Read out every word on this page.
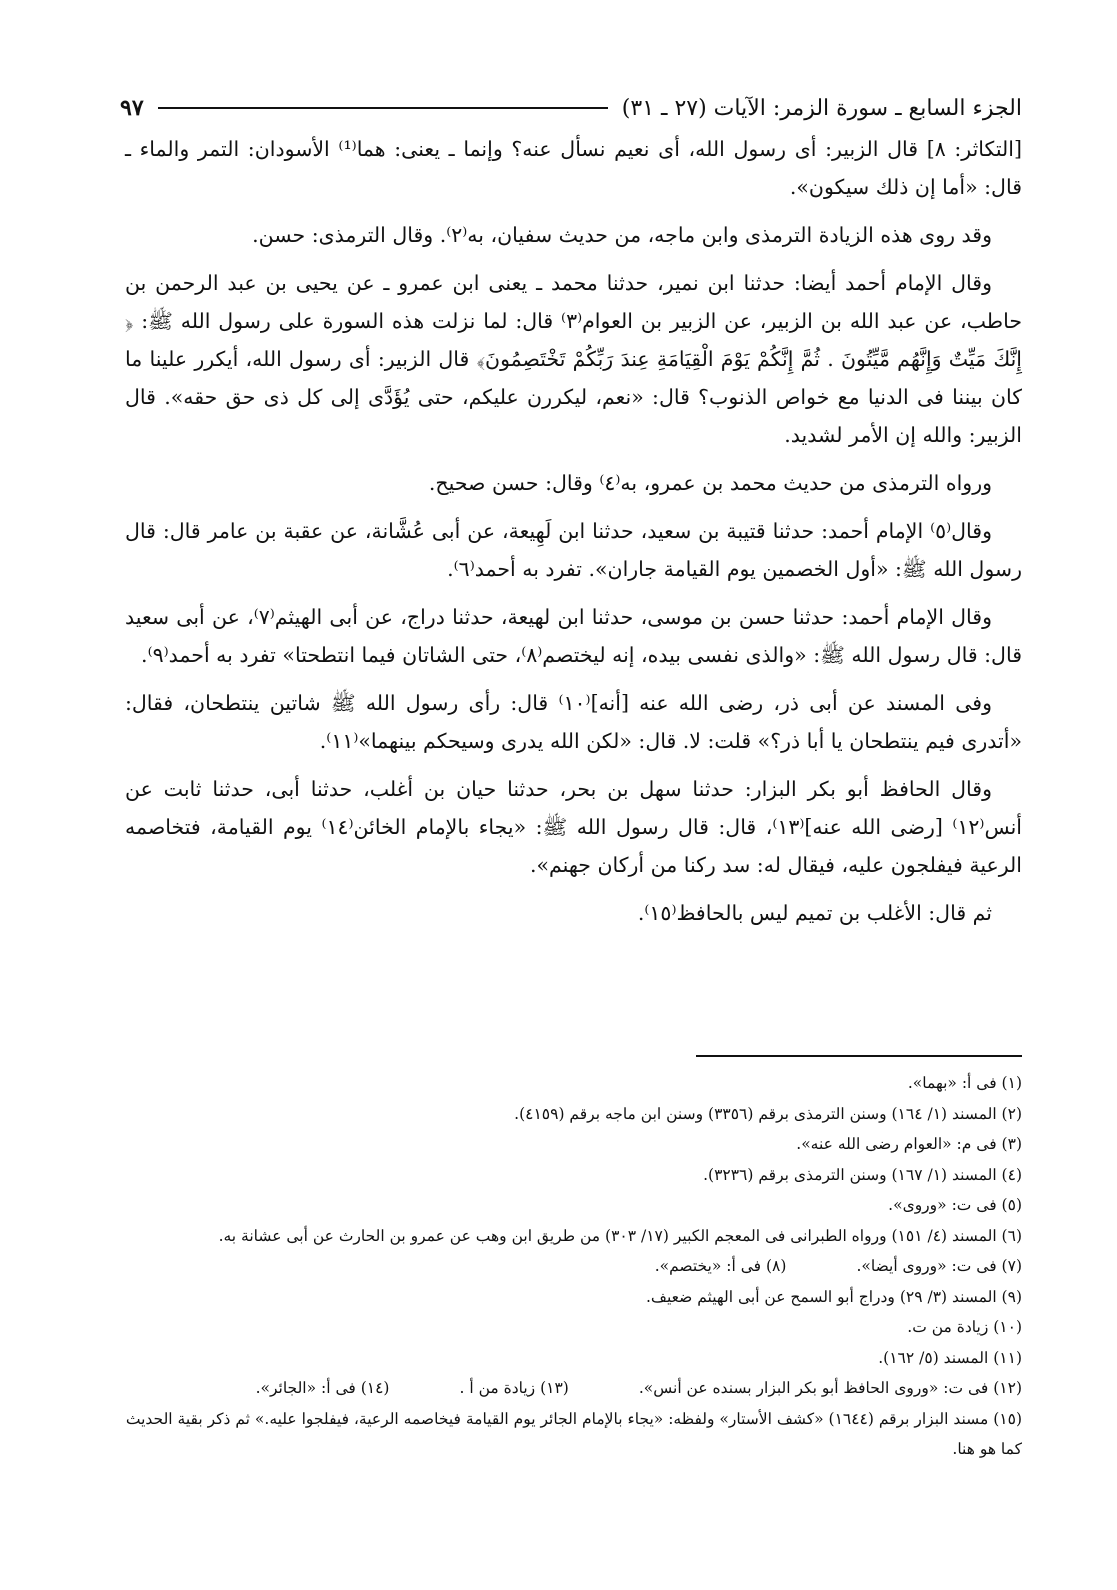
الجزء السابع ـ سورة الزمر: الآيات (٢٧ ـ ٣١)
٩٧

[التكاثر: ٨] قال الزبير: أى رسول الله، أى نعيم نسأل عنه؟ وإنما ـ يعنى: هما⁽¹⁾ الأسودان: التمر والماء ـ قال: «أما إن ذلك سيكون».

وقد روى هذه الزيادة الترمذى وابن ماجه، من حديث سفيان، به⁽٢⁾. وقال الترمذى: حسن.

وقال الإمام أحمد أيضا: حدثنا ابن نمير، حدثنا محمد ـ يعنى ابن عمرو ـ عن يحيى بن عبد الرحمن بن حاطب، عن عبد الله بن الزبير، عن الزبير بن العوام⁽٣⁾ قال: لما نزلت هذه السورة على رسول الله ﷺ: ﴿ إِنَّكَ مَيِّتٌ وَإِنَّهُم مَّيِّتُونَ . ثُمَّ إِنَّكُمْ يَوْمَ الْقِيَامَةِ عِندَ رَبِّكُمْ تَخْتَصِمُونَ﴾ قال الزبير: أى رسول الله، أيكرر علينا ما كان بيننا فى الدنيا مع خواص الذنوب؟ قال: «نعم، ليكررن عليكم، حتى يُؤَدَّى إلى كل ذى حق حقه». قال الزبير: والله إن الأمر لشديد.

ورواه الترمذى من حديث محمد بن عمرو، به⁽٤⁾ وقال: حسن صحيح.

وقال⁽٥⁾ الإمام أحمد: حدثنا قتيبة بن سعيد، حدثنا ابن لَهِيعة، عن أبى عُشَّانة، عن عقبة بن عامر قال: قال رسول الله ﷺ: «أول الخصمين يوم القيامة جاران». تفرد به أحمد⁽٦⁾.

وقال الإمام أحمد: حدثنا حسن بن موسى، حدثنا ابن لهيعة، حدثنا دراج، عن أبى الهيثم⁽٧⁾، عن أبى سعيد قال: قال رسول الله ﷺ: «والذى نفسى بيده، إنه ليختصم⁽٨⁾، حتى الشاتان فيما انتطحتا» تفرد به أحمد⁽٩⁾.

وفى المسند عن أبى ذر، رضى الله عنه [أنه]⁽١٠⁾ قال: رأى رسول الله ﷺ شاتين ينتطحان، فقال: «أتدرى فيم ينتطحان يا أبا ذر؟» قلت: لا. قال: «لكن الله يدرى وسيحكم بينهما»⁽١١⁾.

وقال الحافظ أبو بكر البزار: حدثنا سهل بن بحر، حدثنا حيان بن أغلب، حدثنا أبى، حدثنا ثابت عن أنس⁽١٢⁾ [رضى الله عنه]⁽١٣⁾، قال: قال رسول الله ﷺ: «يجاء بالإمام الخائن⁽١٤⁾ يوم القيامة، فتخاصمه الرعية فيفلجون عليه، فيقال له: سد ركنا من أركان جهنم».

ثم قال: الأغلب بن تميم ليس بالحافظ⁽١٥⁾.

(١) فى أ: «بهما».

(٢) المسند (١/ ١٦٤) وسنن الترمذى برقم (٣٣٥٦) وسنن ابن ماجه برقم (٤١٥٩).

(٣) فى م: «العوام رضى الله عنه».

(٤) المسند (١/ ١٦٧) وسنن الترمذى برقم (٣٢٣٦).

(٥) فى ت: «وروى».

(٦) المسند (٤/ ١٥١) ورواه الطبرانى فى المعجم الكبير (١٧/ ٣٠٣) من طريق ابن وهب عن عمرو بن الحارث عن أبى عشانة به.

(٧) فى ت: «وروى أيضا».

(٨) فى أ: «يختصم».

(٩) المسند (٣/ ٢٩) ودراج أبو السمح عن أبى الهيثم ضعيف.

(١٠) زيادة من ت.

(١١) المسند (٥/ ١٦٢).

(١٢) فى ت: «وروى الحافظ أبو بكر البزار بسنده عن أنس».

(١٣) زيادة من أ .

(١٤) فى أ: «الجائر».

(١٥) مسند البزار برقم (١٦٤٤) «كشف الأستار» ولفظه: «يجاء بالإمام الجائر يوم القيامة فيخاصمه الرعية، فيفلجوا عليه.» ثم ذكر بقية الحديث كما هو هنا.
